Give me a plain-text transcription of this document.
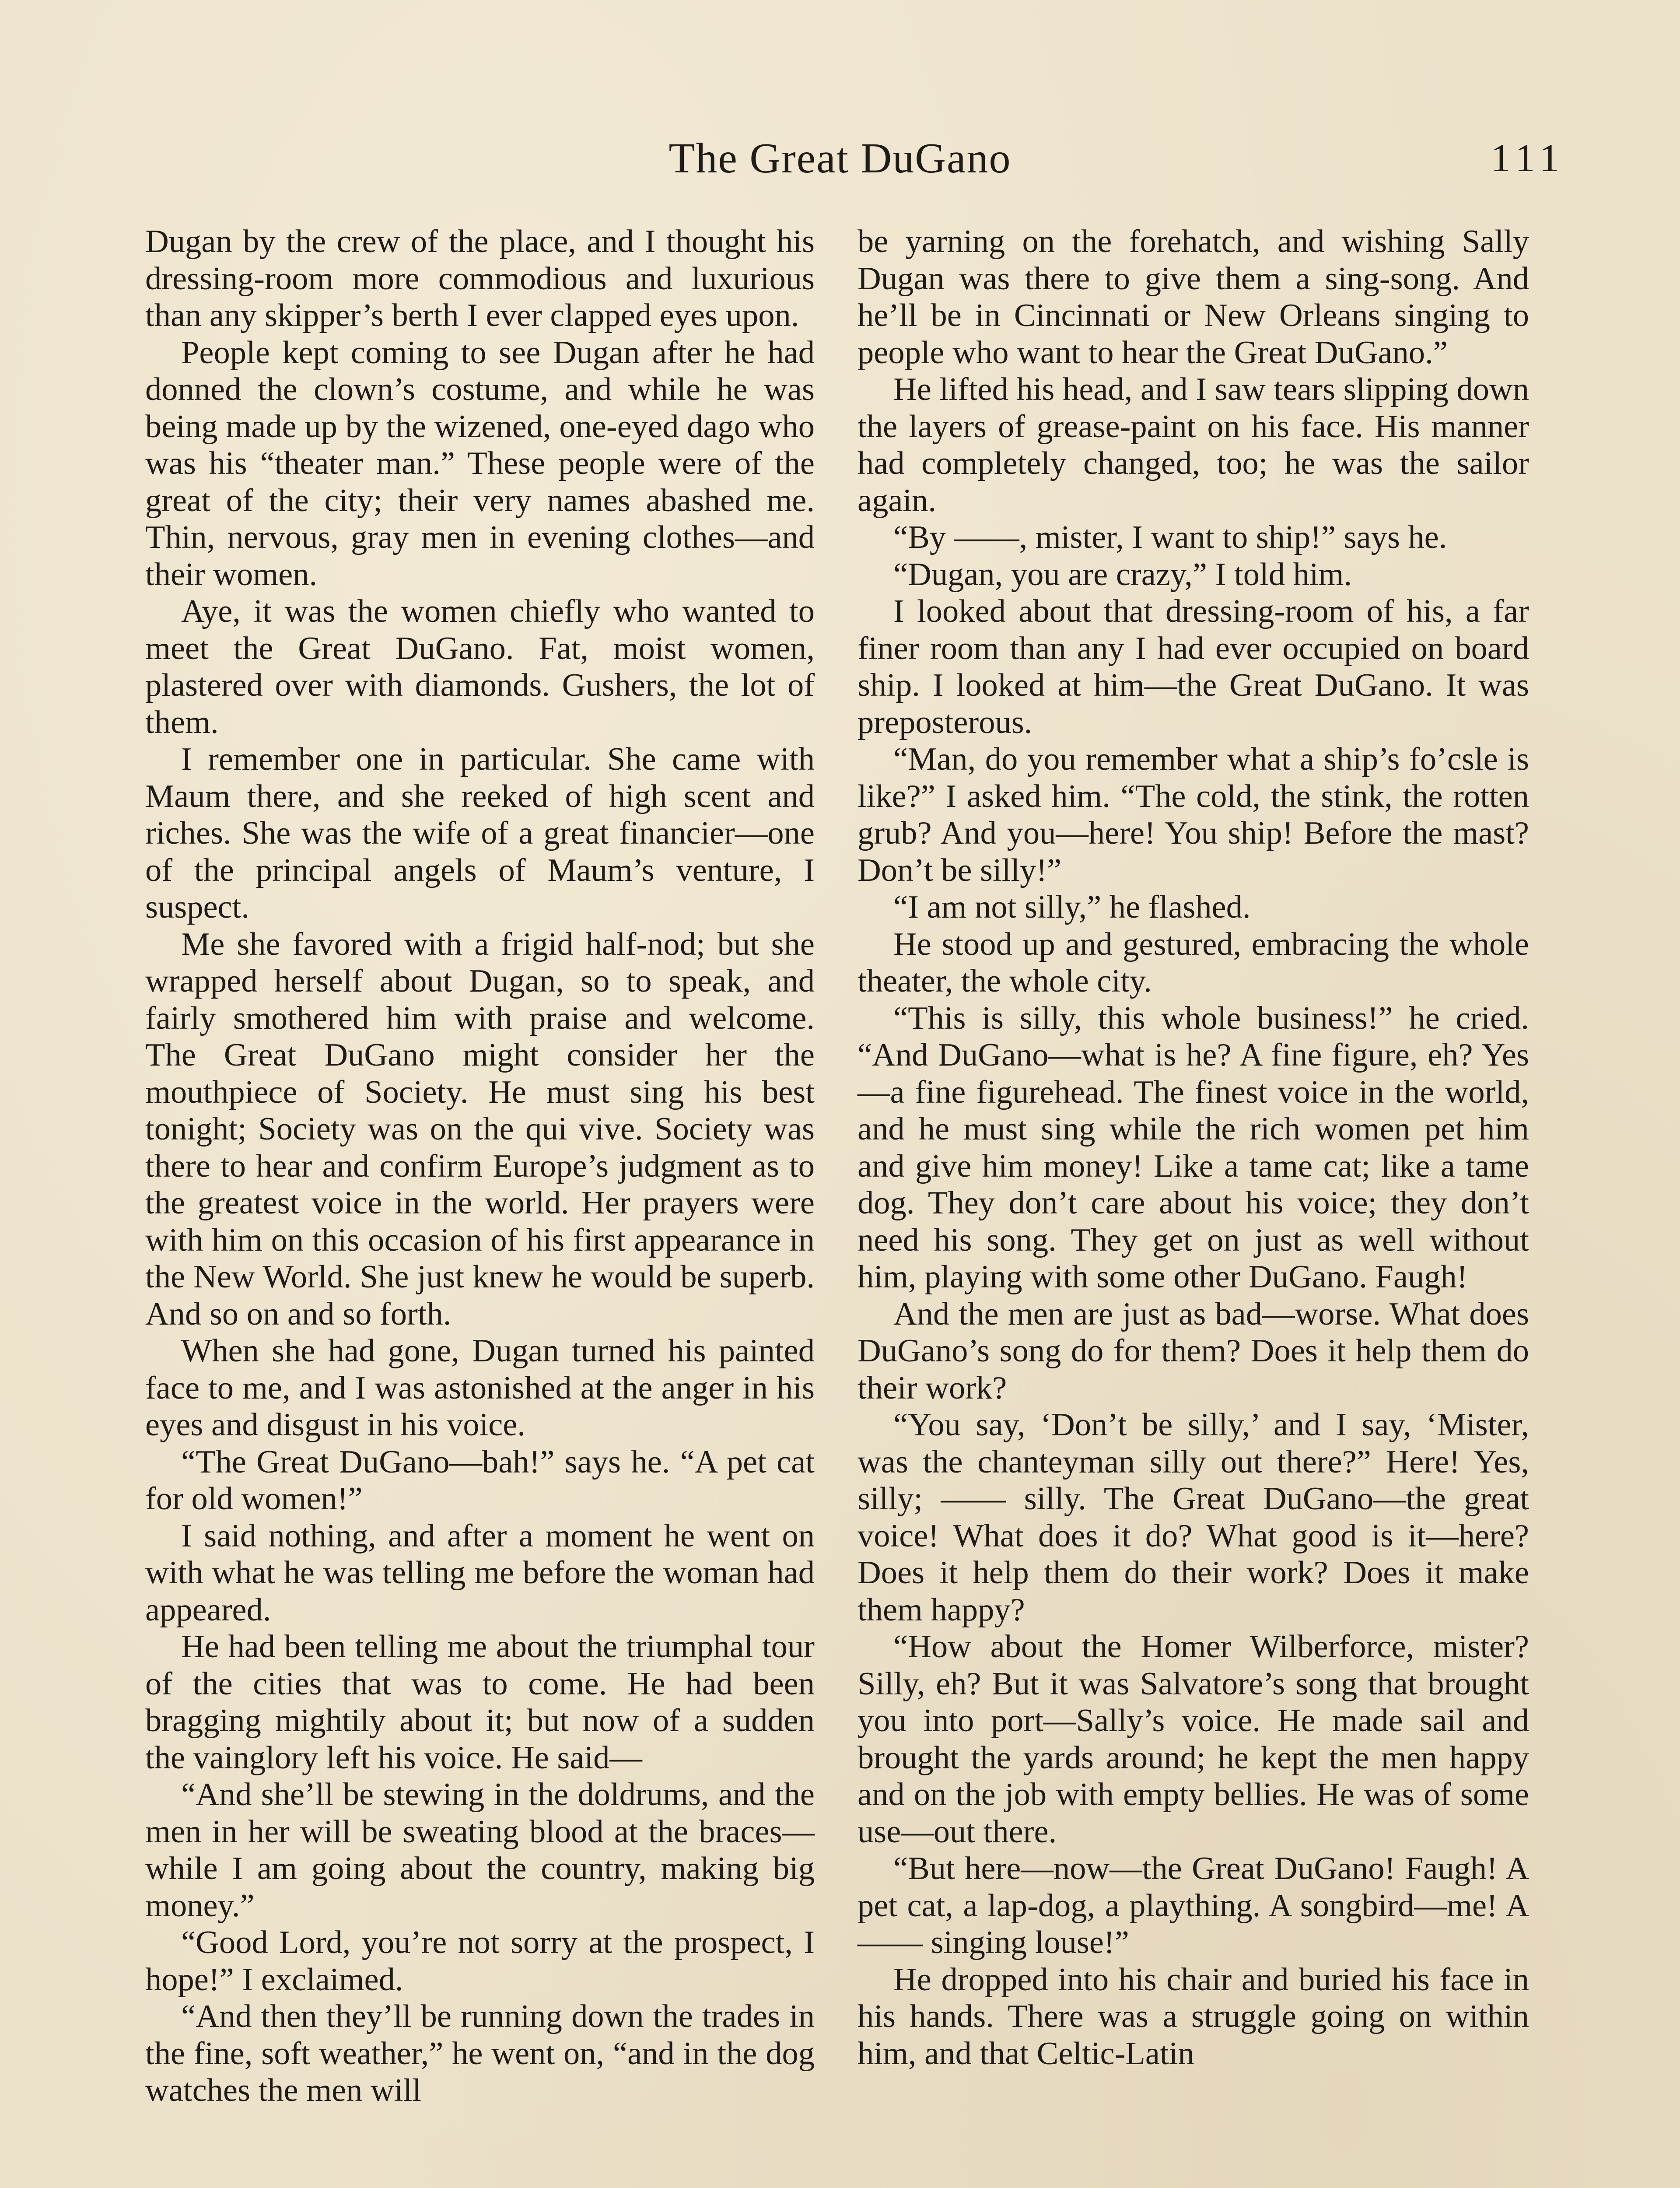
The Great DuGano	111

Dugan by the crew of the place, and I thought his dressing-room more commodious and luxurious than any skipper’s berth I ever clapped eyes upon.

People kept coming to see Dugan after he had donned the clown’s costume, and while he was being made up by the wizened, one-eyed dago who was his “theater man.” These people were of the great of the city; their very names abashed me. Thin, nervous, gray men in evening clothes—and their women.

Aye, it was the women chiefly who wanted to meet the Great DuGano. Fat, moist women, plastered over with diamonds. Gushers, the lot of them.

I remember one in particular. She came with Maum there, and she reeked of high scent and riches. She was the wife of a great financier—one of the principal angels of Maum’s venture, I suspect.

Me she favored with a frigid half-nod; but she wrapped herself about Dugan, so to speak, and fairly smothered him with praise and welcome. The Great DuGano might consider her the mouthpiece of Society. He must sing his best tonight; Society was on the qui vive. Society was there to hear and confirm Europe’s judgment as to the greatest voice in the world. Her prayers were with him on this occasion of his first appearance in the New World. She just knew he would be superb. And so on and so forth.

When she had gone, Dugan turned his painted face to me, and I was astonished at the anger in his eyes and disgust in his voice.

“The Great DuGano—bah!” says he. “A pet cat for old women!”

I said nothing, and after a moment he went on with what he was telling me before the woman had appeared.

He had been telling me about the triumphal tour of the cities that was to come. He had been bragging mightily about it; but now of a sudden the vainglory left his voice. He said—

“And she’ll be stewing in the doldrums, and the men in her will be sweating blood at the braces—while I am going about the country, making big money.”

“Good Lord, you’re not sorry at the prospect, I hope!” I exclaimed.

“And then they’ll be running down the trades in the fine, soft weather,” he went on, “and in the dog watches the men will

be yarning on the forehatch, and wishing Sally Dugan was there to give them a sing-song. And he’ll be in Cincinnati or New Orleans singing to people who want to hear the Great DuGano.”

He lifted his head, and I saw tears slipping down the layers of grease-paint on his face. His manner had completely changed, too; he was the sailor again.

“By ——, mister, I want to ship!” says he.

“Dugan, you are crazy,” I told him.

I looked about that dressing-room of his, a far finer room than any I had ever occupied on board ship. I looked at him—the Great DuGano. It was preposterous.

“Man, do you remember what a ship’s fo’csle is like?” I asked him. “The cold, the stink, the rotten grub? And you—here! You ship! Before the mast? Don’t be silly!”

“I am not silly,” he flashed.

He stood up and gestured, embracing the whole theater, the whole city.

“This is silly, this whole business!” he cried. “And DuGano—what is he? A fine figure, eh? Yes—a fine figurehead. The finest voice in the world, and he must sing while the rich women pet him and give him money! Like a tame cat; like a tame dog. They don’t care about his voice; they don’t need his song. They get on just as well without him, playing with some other DuGano. Faugh!

And the men are just as bad—worse. What does DuGano’s song do for them? Does it help them do their work?

“You say, ‘Don’t be silly,’ and I say, ‘Mister, was the chanteyman silly out there?” Here! Yes, silly; —— silly. The Great DuGano—the great voice! What does it do? What good is it—here? Does it help them do their work? Does it make them happy?

“How about the Homer Wilberforce, mister? Silly, eh? But it was Salvatore’s song that brought you into port—Sally’s voice. He made sail and brought the yards around; he kept the men happy and on the job with empty bellies. He was of some use—out there.

“But here—now—the Great DuGano! Faugh! A pet cat, a lap-dog, a plaything. A songbird—me! A —— singing louse!”

He dropped into his chair and buried his face in his hands. There was a struggle going on within him, and that Celtic-Latin
